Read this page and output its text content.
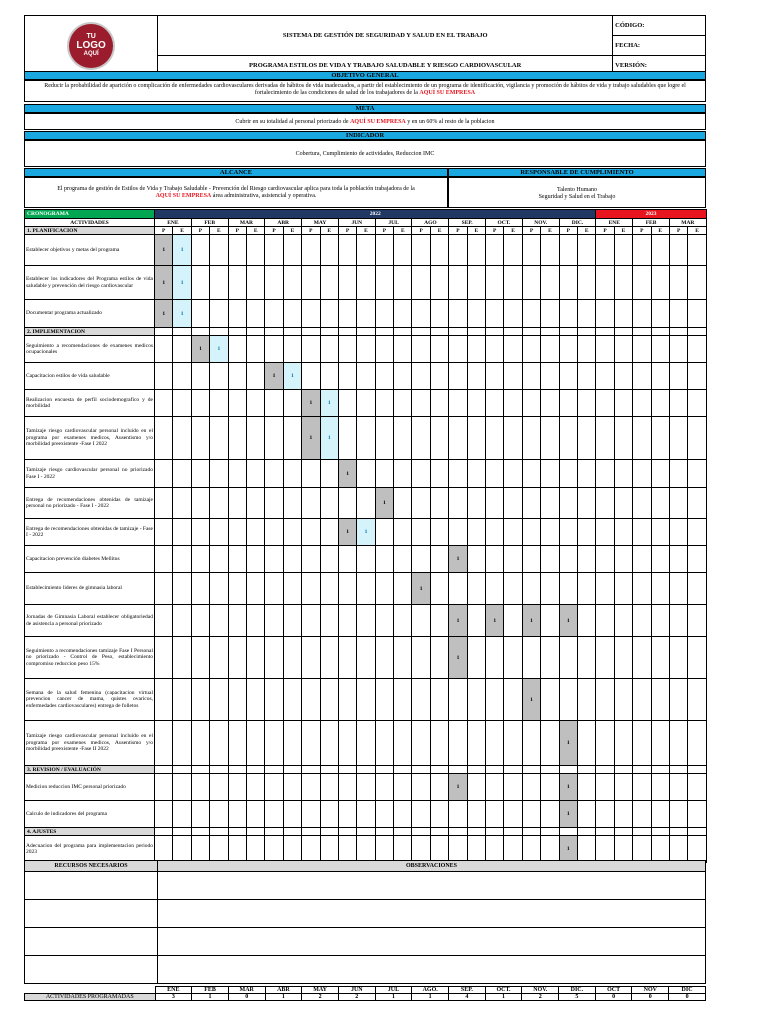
TU
LOGO
AQUÍ	SISTEMA DE GESTIÓN DE SEGURIDAD Y SALUD EN EL TRABAJO	CÓDIGO:
		FECHA:
	PROGRAMA ESTILOS DE VIDA Y TRABAJO SALUDABLE Y RIESGO CARDIOVASCULAR	VERSIÓN:
OBJETIVO GENERAL
Reducir la probabilidad de aparición o complicación de enfermedades cardiovasculares derivadas de hábitos de vida inadecuados, a partir del establecimiento de un programa de identificación, vigilancia y promoción de hábitos de vida y trabajo saludables que logre el fortalecimiento de las condiciones de salud de los trabajadores de la AQUÍ SU EMPRESA
META
Cubrir en su totalidad al personal priorizado de AQUÍ SU EMPRESA y en un 60% al resto de la poblacion
INDICADOR
Cobertura, Cumplimiento de actividades, Reduccion IMC
ALCANCE	RESPONSABLE DE CUMPLIMIENTO
El programa de gestión de Estilos de Vida y Trabajo Saludable - Prevención del Riesgo cardiovascular aplica para toda la población trabajadora de la
AQUÍ SU EMPRESA área administrativa, asistencial y operativa.
Talento Humano
Seguridad y Salud en el Trabajo
CRONOGRAMA	2022																								2023					
ACTIVIDADES	ENE		FEB		MAR		ABR		MAY		JUN		JUL		AGO		SEP.		OCT.		NOV.		DIC.		ENE		FEB		MAR	
1. PLANIFICACION	P	E	P	E	P	E	P	E	P	E	P	E	P	E	P	E	P	E	P	E	P	E	P	E	P	E	P	E	P	E
Establecer objetivos y metas del programa	1	1																												
Establecer los indicadores del Programa estilos de vida saludable y prevención del riesgo cardiovascular	1	1																												
Documentar programa actualizado	1	1																												
2. IMPLEMENTACION																														
Seguimiento a recomendaciones de examenes medicos ocupacionales			1	1																										
Capacitacion estilos de vida saludable							1	1																						
Realizacion encuesta de perfil sociodemografico y de morbilidad									1	1																				
Tamizaje riesgo cardiovascular personal incluido en el programa por examenes medicos, Ausentismo y/o morbilidad preexistente -Fase I 2022									1	1																				
Tamizaje riesgo cardiovascular personal no priorizado Fase I - 2022											1																			
Entrega de recomendaciones obtenidas de tamizaje personal no priorizado - Fase I - 2022													1																	
Entrega de recomendaciones obtenidas de tamizaje - Fase I - 2022											1	1																		
Capacitacion prevención diabetes Mellitus																	1													
Establecimiento lideres de gimnasia laboral															1															
Jornadas de Gimnasia Laboral establecer obligatoriedad de asistencia a personal priorizado																	1		1		1		1							
Seguimiento a recomendaciones tamizaje Fase I Personal no priorizado - Control de Peso, establecimiento compromiso reduccion peso 15%																	1													
Semana de la salud femenina (capacitacion virtual prevencion cancer de mama, quistes ovaricos, enfermedades cardiovasculares) entrega de folletos																					1									
Tamizaje riesgo cardiovascular personal incluido en el programa por examenes medicos, Ausentismo y/o morbilidad preexistente -Fase II 2022																							1							
3. REVISION / EVALUACIÓN																														
Medicion reduccion IMC personal priorizado																	1						1							
Calculo de indicadores del programa																							1							
4. AJUSTES																														
Adecuacion del programa para implementacion periodo 2023																							1							
RECURSOS NECESARIOS	OBSERVACIONES

	ENE	FEB	MAR	ABR	MAY	JUN	JUL	AGO.	SEP.	OCT.	NOV.	DIC.	OCT	NOV	DIC
ACTIVIDADES PROGRAMADAS	3	1	0	1	2	2	1	1	4	1	2	5	0	0	0
